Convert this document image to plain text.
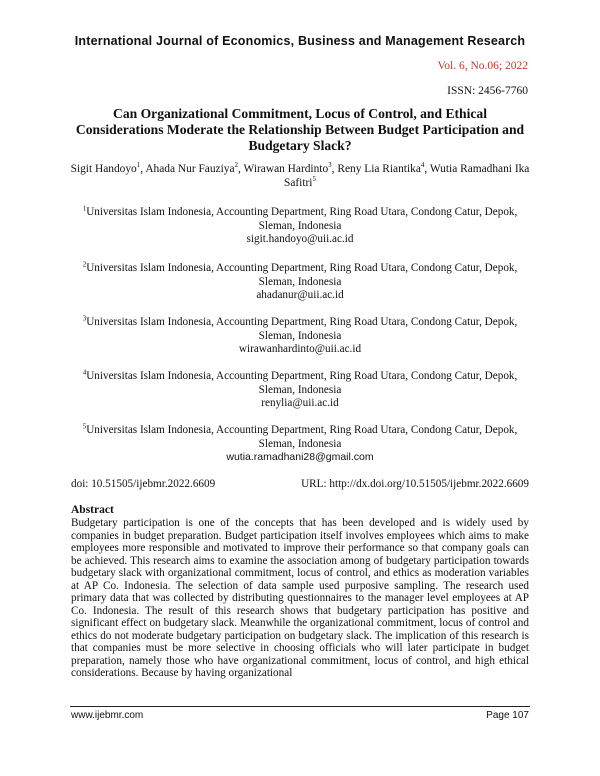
International Journal of Economics, Business and Management Research
Vol. 6, No.06; 2022
ISSN: 2456-7760
Can Organizational Commitment, Locus of Control, and Ethical Considerations Moderate the Relationship Between Budget Participation and Budgetary Slack?
Sigit Handoyo$^1$, Ahada Nur Fauziya$^2$, Wirawan Hardinto$^3$, Reny Lia Riantika$^4$, Wutia Ramadhani Ika Safitri$^5$
$^1$Universitas Islam Indonesia, Accounting Department, Ring Road Utara, Condong Catur, Depok, Sleman, Indonesia
sigit.handoyo@uii.ac.id
$^2$Universitas Islam Indonesia, Accounting Department, Ring Road Utara, Condong Catur, Depok, Sleman, Indonesia
ahadanur@uii.ac.id
$^3$Universitas Islam Indonesia, Accounting Department, Ring Road Utara, Condong Catur, Depok, Sleman, Indonesia
wirawanhardinto@uii.ac.id
$^4$Universitas Islam Indonesia, Accounting Department, Ring Road Utara, Condong Catur, Depok, Sleman, Indonesia
renylia@uii.ac.id
$^5$Universitas Islam Indonesia, Accounting Department, Ring Road Utara, Condong Catur, Depok, Sleman, Indonesia
wutia.ramadhani28@gmail.com
doi: 10.51505/ijebmr.2022.6609	URL: http://dx.doi.org/10.51505/ijebmr.2022.6609
Abstract
Budgetary participation is one of the concepts that has been developed and is widely used by companies in budget preparation. Budget participation itself involves employees which aims to make employees more responsible and motivated to improve their performance so that company goals can be achieved. This research aims to examine the association among of budgetary participation towards budgetary slack with organizational commitment, locus of control, and ethics as moderation variables at AP Co. Indonesia. The selection of data sample used purposive sampling. The research used primary data that was collected by distributing questionnaires to the manager level employees at AP Co. Indonesia. The result of this research shows that budgetary participation has positive and significant effect on budgetary slack. Meanwhile the organizational commitment, locus of control and ethics do not moderate budgetary participation on budgetary slack. The implication of this research is that companies must be more selective in choosing officials who will later participate in budget preparation, namely those who have organizational commitment, locus of control, and high ethical considerations. Because by having organizational
www.ijebmr.com	Page 107
